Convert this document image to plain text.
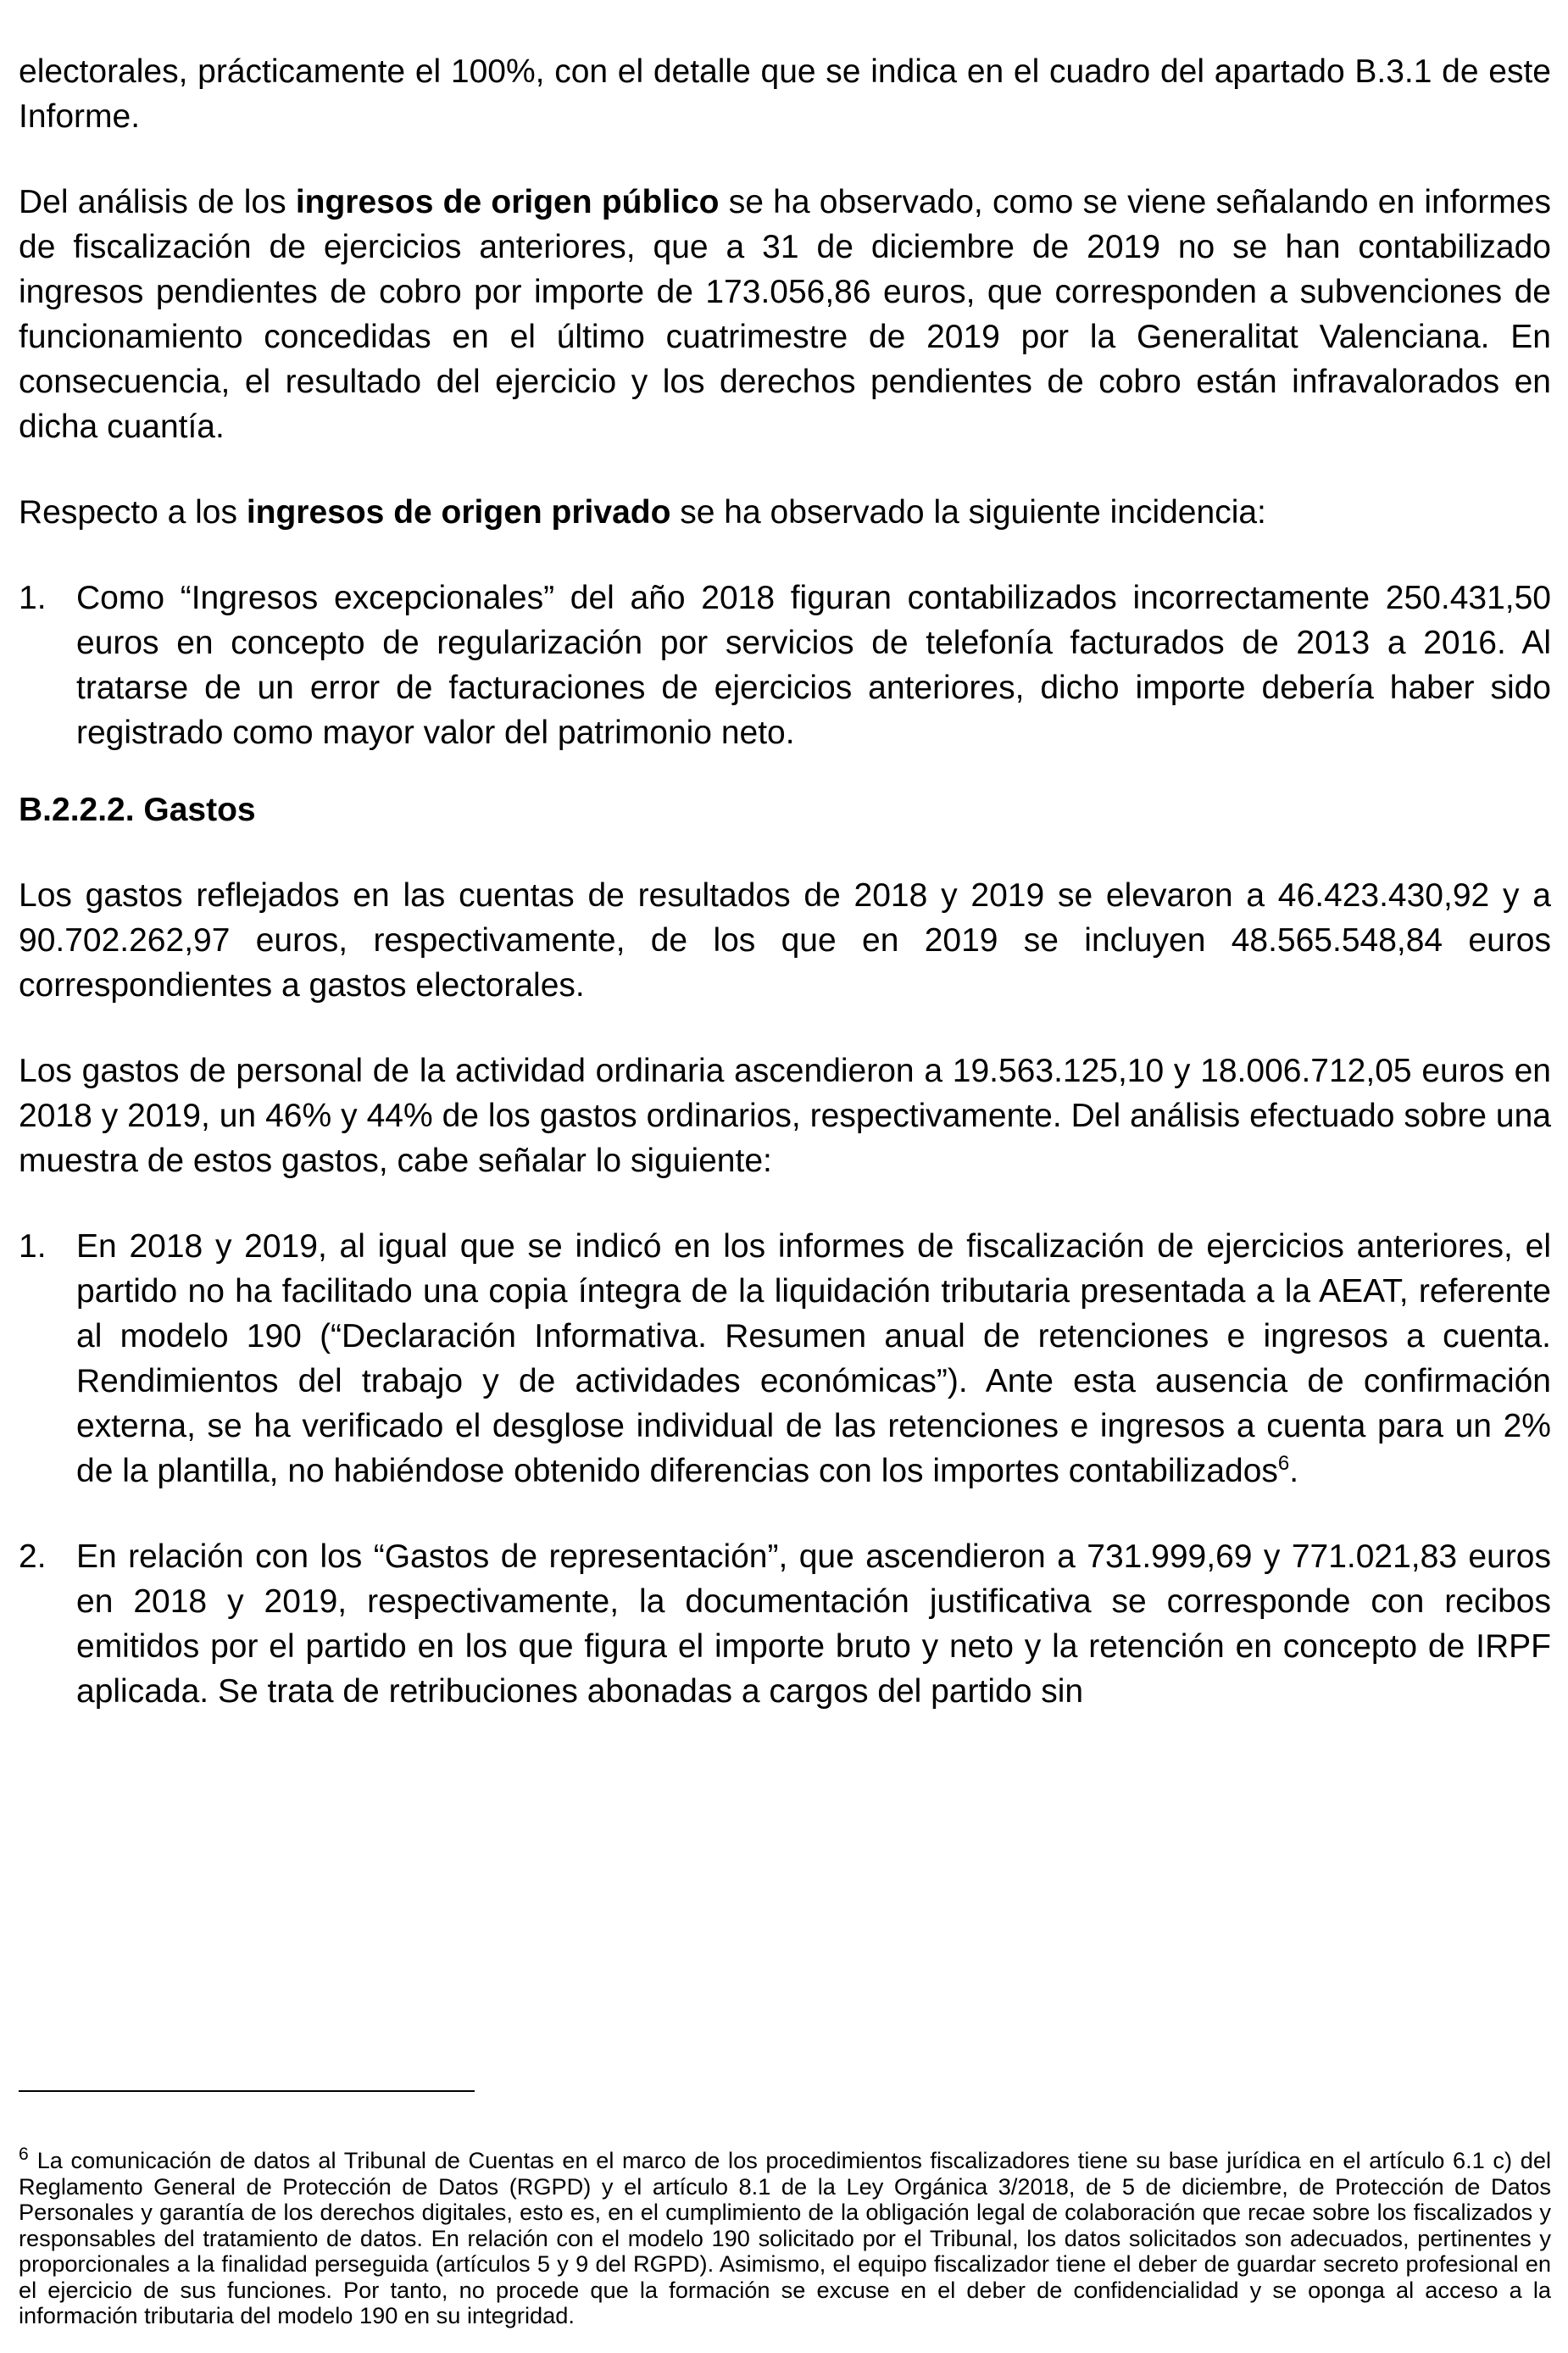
electorales, prácticamente el 100%, con el detalle que se indica en el cuadro del apartado B.3.1 de este Informe.

Del análisis de los ingresos de origen público se ha observado, como se viene señalando en informes de fiscalización de ejercicios anteriores, que a 31 de diciembre de 2019 no se han contabilizado ingresos pendientes de cobro por importe de 173.056,86 euros, que corresponden a subvenciones de funcionamiento concedidas en el último cuatrimestre de 2019 por la Generalitat Valenciana. En consecuencia, el resultado del ejercicio y los derechos pendientes de cobro están infravalorados en dicha cuantía.

Respecto a los ingresos de origen privado se ha observado la siguiente incidencia:

1. Como “Ingresos excepcionales” del año 2018 figuran contabilizados incorrectamente 250.431,50 euros en concepto de regularización por servicios de telefonía facturados de 2013 a 2016. Al tratarse de un error de facturaciones de ejercicios anteriores, dicho importe debería haber sido registrado como mayor valor del patrimonio neto.
B.2.2.2. Gastos

Los gastos reflejados en las cuentas de resultados de 2018 y 2019 se elevaron a 46.423.430,92 y a 90.702.262,97 euros, respectivamente, de los que en 2019 se incluyen 48.565.548,84 euros correspondientes a gastos electorales.

Los gastos de personal de la actividad ordinaria ascendieron a 19.563.125,10 y 18.006.712,05 euros en 2018 y 2019, un 46% y 44% de los gastos ordinarios, respectivamente. Del análisis efectuado sobre una muestra de estos gastos, cabe señalar lo siguiente:

1. En 2018 y 2019, al igual que se indicó en los informes de fiscalización de ejercicios anteriores, el partido no ha facilitado una copia íntegra de la liquidación tributaria presentada a la AEAT, referente al modelo 190 (“Declaración Informativa. Resumen anual de retenciones e ingresos a cuenta. Rendimientos del trabajo y de actividades económicas”). Ante esta ausencia de confirmación externa, se ha verificado el desglose individual de las retenciones e ingresos a cuenta para un 2% de la plantilla, no habiéndose obtenido diferencias con los importes contabilizados$^6$.
2. En relación con los “Gastos de representación”, que ascendieron a 731.999,69 y 771.021,83 euros en 2018 y 2019, respectivamente, la documentación justificativa se corresponde con recibos emitidos por el partido en los que figura el importe bruto y neto y la retención en concepto de IRPF aplicada. Se trata de retribuciones abonadas a cargos del partido sin
$^6$ La comunicación de datos al Tribunal de Cuentas en el marco de los procedimientos fiscalizadores tiene su base jurídica en el artículo 6.1 c) del Reglamento General de Protección de Datos (RGPD) y el artículo 8.1 de la Ley Orgánica 3/2018, de 5 de diciembre, de Protección de Datos Personales y garantía de los derechos digitales, esto es, en el cumplimiento de la obligación legal de colaboración que recae sobre los fiscalizados y responsables del tratamiento de datos. En relación con el modelo 190 solicitado por el Tribunal, los datos solicitados son adecuados, pertinentes y proporcionales a la finalidad perseguida (artículos 5 y 9 del RGPD). Asimismo, el equipo fiscalizador tiene el deber de guardar secreto profesional en el ejercicio de sus funciones. Por tanto, no procede que la formación se excuse en el deber de confidencialidad y se oponga al acceso a la información tributaria del modelo 190 en su integridad.
